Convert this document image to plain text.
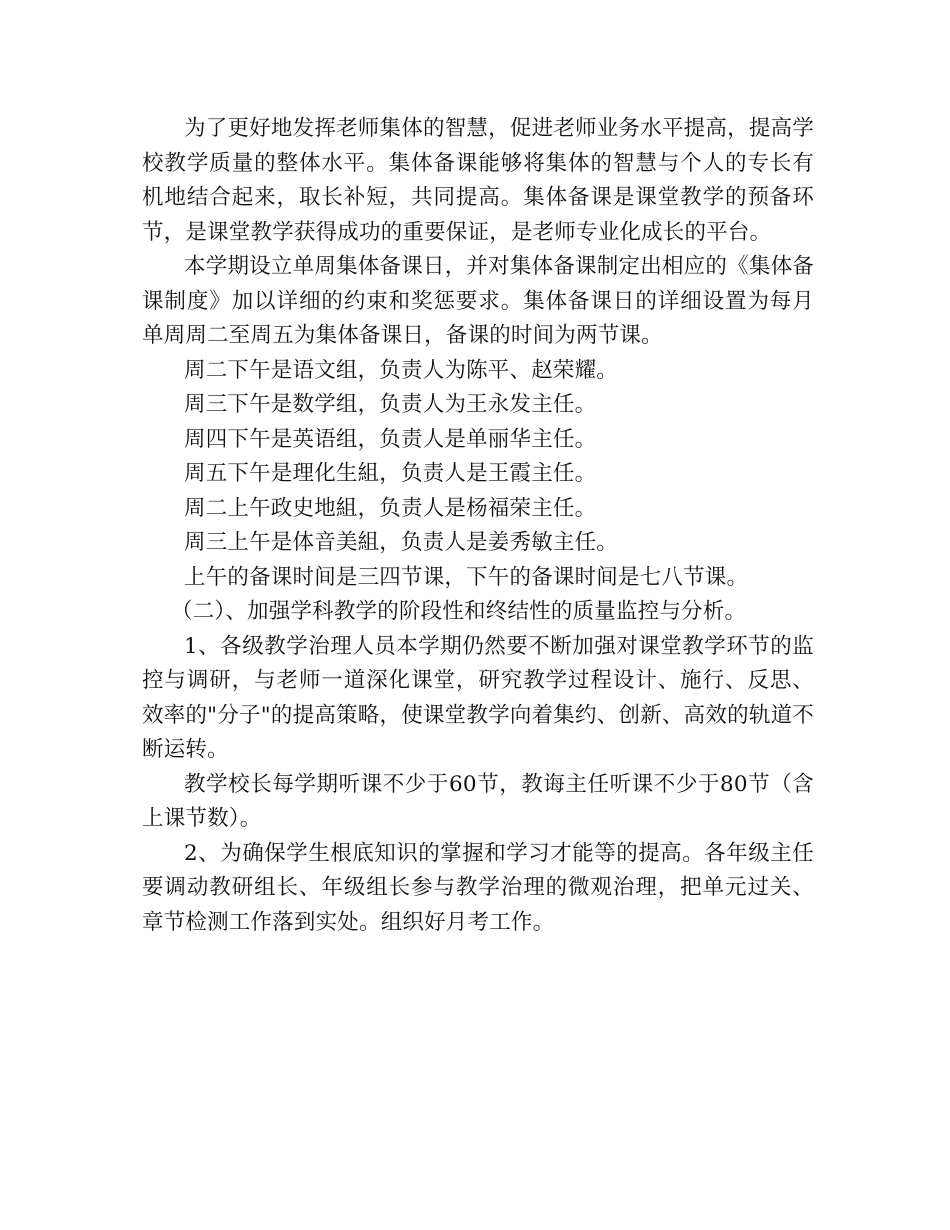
为了更好地发挥老师集体的智慧，促进老师业务水平提高，提高学校教学质量的整体水平。集体备课能够将集体的智慧与个人的专长有机地结合起来，取长补短，共同提高。集体备课是课堂教学的预备环节，是课堂教学获得成功的重要保证，是老师专业化成长的平台。

本学期设立单周集体备课日，并对集体备课制定出相应的《集体备课制度》加以详细的约束和奖惩要求。集体备课日的详细设置为每月单周周二至周五为集体备课日，备课的时间为两节课。

周二下午是语文组，负责人为陈平、赵荣耀。

周三下午是数学组，负责人为王永发主任。

周四下午是英语组，负责人是单丽华主任。

周五下午是理化生組，负责人是王霞主任。

周二上午政史地組，负责人是杨福荣主任。

周三上午是体音美組，负责人是姜秀敏主任。

上午的备课时间是三四节课，下午的备课时间是七八节课。

（二）、加强学科教学的阶段性和终结性的质量监控与分析。

1、各级教学治理人员本学期仍然要不断加强对课堂教学环节的监控与调研，与老师一道深化课堂，研究教学过程设计、施行、反思、效率的"分子"的提高策略，使课堂教学向着集约、创新、高效的轨道不断运转。

教学校长每学期听课不少于60节，教诲主任听课不少于80节（含上课节数）。

2、为确保学生根底知识的掌握和学习才能等的提高。各年级主任要调动教研组长、年级组长参与教学治理的微观治理，把单元过关、章节检测工作落到实处。组织好月考工作。
